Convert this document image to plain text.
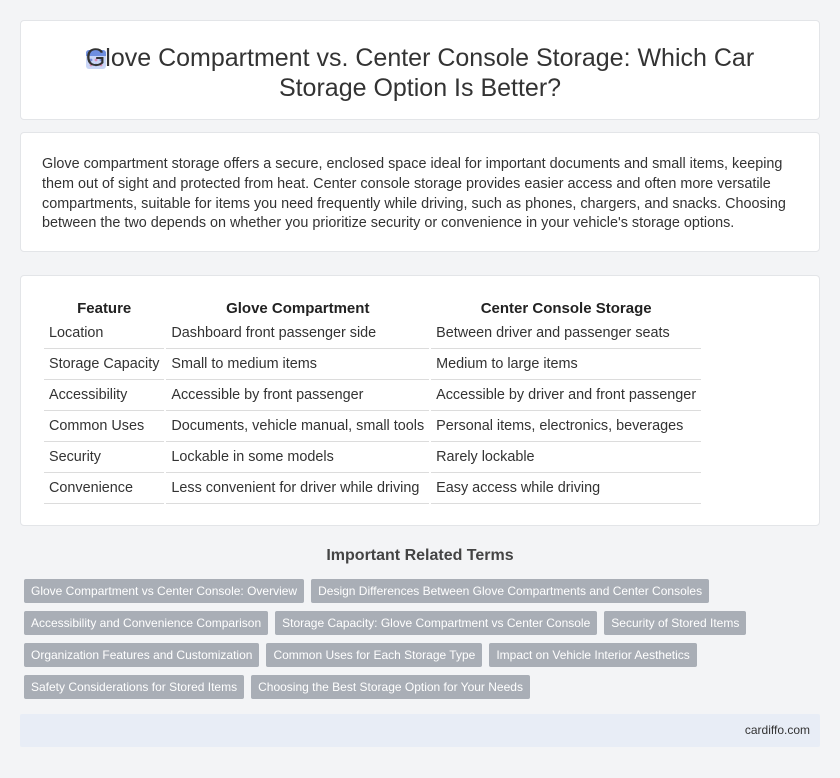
Glove Compartment vs. Center Console Storage: Which Car Storage Option Is Better?

Glove compartment storage offers a secure, enclosed space ideal for important documents and small items, keeping them out of sight and protected from heat. Center console storage provides easier access and often more versatile compartments, suitable for items you need frequently while driving, such as phones, chargers, and snacks. Choosing between the two depends on whether you prioritize security or convenience in your vehicle's storage options.

Feature	Glove Compartment	Center Console Storage
Location	Dashboard front passenger side	Between driver and passenger seats
Storage Capacity	Small to medium items	Medium to large items
Accessibility	Accessible by front passenger	Accessible by driver and front passenger
Common Uses	Documents, vehicle manual, small tools	Personal items, electronics, beverages
Security	Lockable in some models	Rarely lockable
Convenience	Less convenient for driver while driving	Easy access while driving
Important Related Terms
Glove Compartment vs Center Console: Overview	Design Differences Between Glove Compartments and Center Consoles
Accessibility and Convenience Comparison	Storage Capacity: Glove Compartment vs Center Console	Security of Stored Items
Organization Features and Customization	Common Uses for Each Storage Type	Impact on Vehicle Interior Aesthetics
Safety Considerations for Stored Items	Choosing the Best Storage Option for Your Needs
cardiffo.com
